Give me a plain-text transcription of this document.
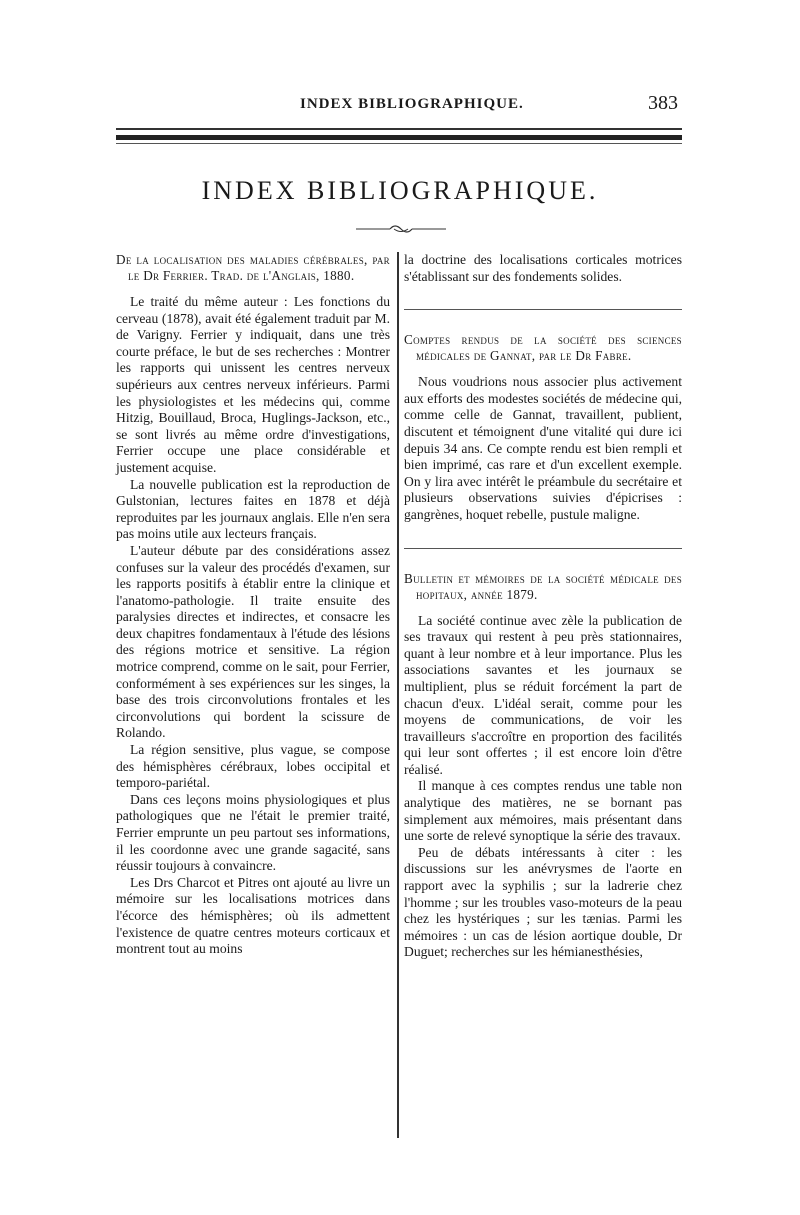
INDEX BIBLIOGRAPHIQUE.	383
INDEX BIBLIOGRAPHIQUE.

De la localisation des maladies cérébrales, par le Dr Ferrier. Trad. de l'Anglais, 1880.

Le traité du même auteur : Les fonctions du cerveau (1878), avait été également traduit par M. de Varigny. Ferrier y indiquait, dans une très courte préface, le but de ses recherches : Montrer les rapports qui unissent les centres nerveux supérieurs aux centres nerveux inférieurs. Parmi les physiologistes et les médecins qui, comme Hitzig, Bouillaud, Broca, Huglings-Jackson, etc., se sont livrés au même ordre d'investigations, Ferrier occupe une place considérable et justement acquise.

La nouvelle publication est la reproduction de Gulstonian, lectures faites en 1878 et déjà reproduites par les journaux anglais. Elle n'en sera pas moins utile aux lecteurs français.

L'auteur débute par des considérations assez confuses sur la valeur des procédés d'examen, sur les rapports positifs à établir entre la clinique et l'anatomo-pathologie. Il traite ensuite des paralysies directes et indirectes, et consacre les deux chapitres fondamentaux à l'étude des lésions des régions motrice et sensitive. La région motrice comprend, comme on le sait, pour Ferrier, conformément à ses expériences sur les singes, la base des trois circonvolutions frontales et les circonvolutions qui bordent la scissure de Rolando.

La région sensitive, plus vague, se compose des hémisphères cérébraux, lobes occipital et temporo-pariétal.

Dans ces leçons moins physiologiques et plus pathologiques que ne l'était le premier traité, Ferrier emprunte un peu partout ses informations, il les coordonne avec une grande sagacité, sans réussir toujours à convaincre.

Les Drs Charcot et Pitres ont ajouté au livre un mémoire sur les localisations motrices dans l'écorce des hémisphères; où ils admettent l'existence de quatre centres moteurs corticaux et montrent tout au moins

la doctrine des localisations corticales motrices s'établissant sur des fondements solides.

Comptes rendus de la société des sciences médicales de Gannat, par le Dr Fabre.

Nous voudrions nous associer plus activement aux efforts des modestes sociétés de médecine qui, comme celle de Gannat, travaillent, publient, discutent et témoignent d'une vitalité qui dure ici depuis 34 ans. Ce compte rendu est bien rempli et bien imprimé, cas rare et d'un excellent exemple. On y lira avec intérêt le préambule du secrétaire et plusieurs observations suivies d'épicrises : gangrènes, hoquet rebelle, pustule maligne.

Bulletin et mémoires de la société médicale des hopitaux, année 1879.

La société continue avec zèle la publication de ses travaux qui restent à peu près stationnaires, quant à leur nombre et à leur importance. Plus les associations savantes et les journaux se multiplient, plus se réduit forcément la part de chacun d'eux. L'idéal serait, comme pour les moyens de communications, de voir les travailleurs s'accroître en proportion des facilités qui leur sont offertes ; il est encore loin d'être réalisé.

Il manque à ces comptes rendus une table non analytique des matières, ne se bornant pas simplement aux mémoires, mais présentant dans une sorte de relevé synoptique la série des travaux.

Peu de débats intéressants à citer : les discussions sur les anévrysmes de l'aorte en rapport avec la syphilis ; sur la ladrerie chez l'homme ; sur les troubles vaso-moteurs de la peau chez les hystériques ; sur les tænias. Parmi les mémoires : un cas de lésion aortique double, Dr Duguet; recherches sur les hémianesthésies,
